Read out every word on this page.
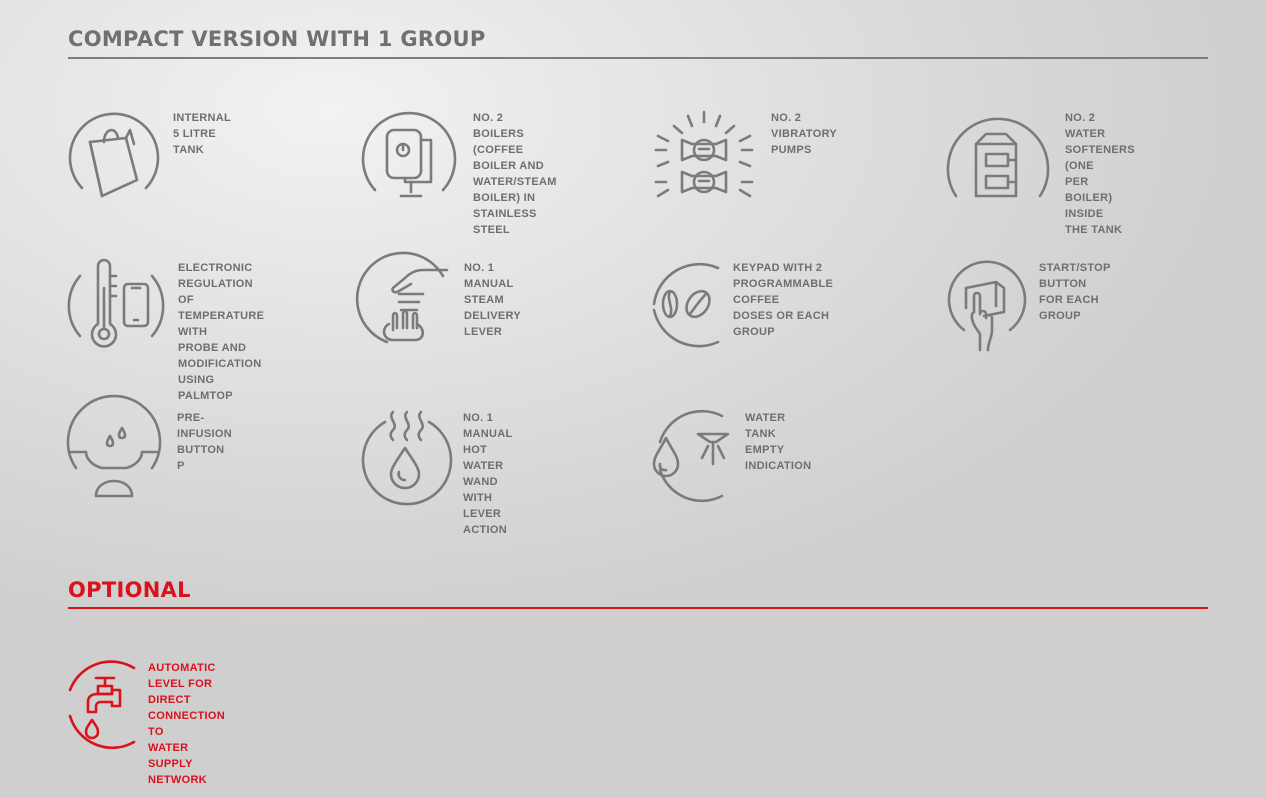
COMPACT VERSION WITH 1 GROUP

INTERNAL 5 LITRE
TANK

NO. 2 BOILERS
(COFFEE BOILER AND
WATER/STEAM
BOILER) IN STAINLESS
STEEL

NO. 2 VIBRATORY
PUMPS

NO. 2 WATER
SOFTENERS (ONE
PER BOILER) INSIDE
THE TANK

ELECTRONIC
REGULATION OF
TEMPERATURE WITH
PROBE AND
MODIFICATION USING
PALMTOP

NO. 1 MANUAL STEAM
DELIVERY LEVER

KEYPAD WITH 2
PROGRAMMABLE COFFEE
DOSES OR EACH GROUP

START/STOP BUTTON
FOR EACH GROUP

PRE-INFUSION
BUTTON P

NO. 1 MANUAL HOT
WATER WAND WITH
LEVER ACTION

WATER TANK EMPTY
INDICATION

OPTIONAL

AUTOMATIC LEVEL FOR
DIRECT CONNECTION TO
WATER SUPPLY NETWORK
